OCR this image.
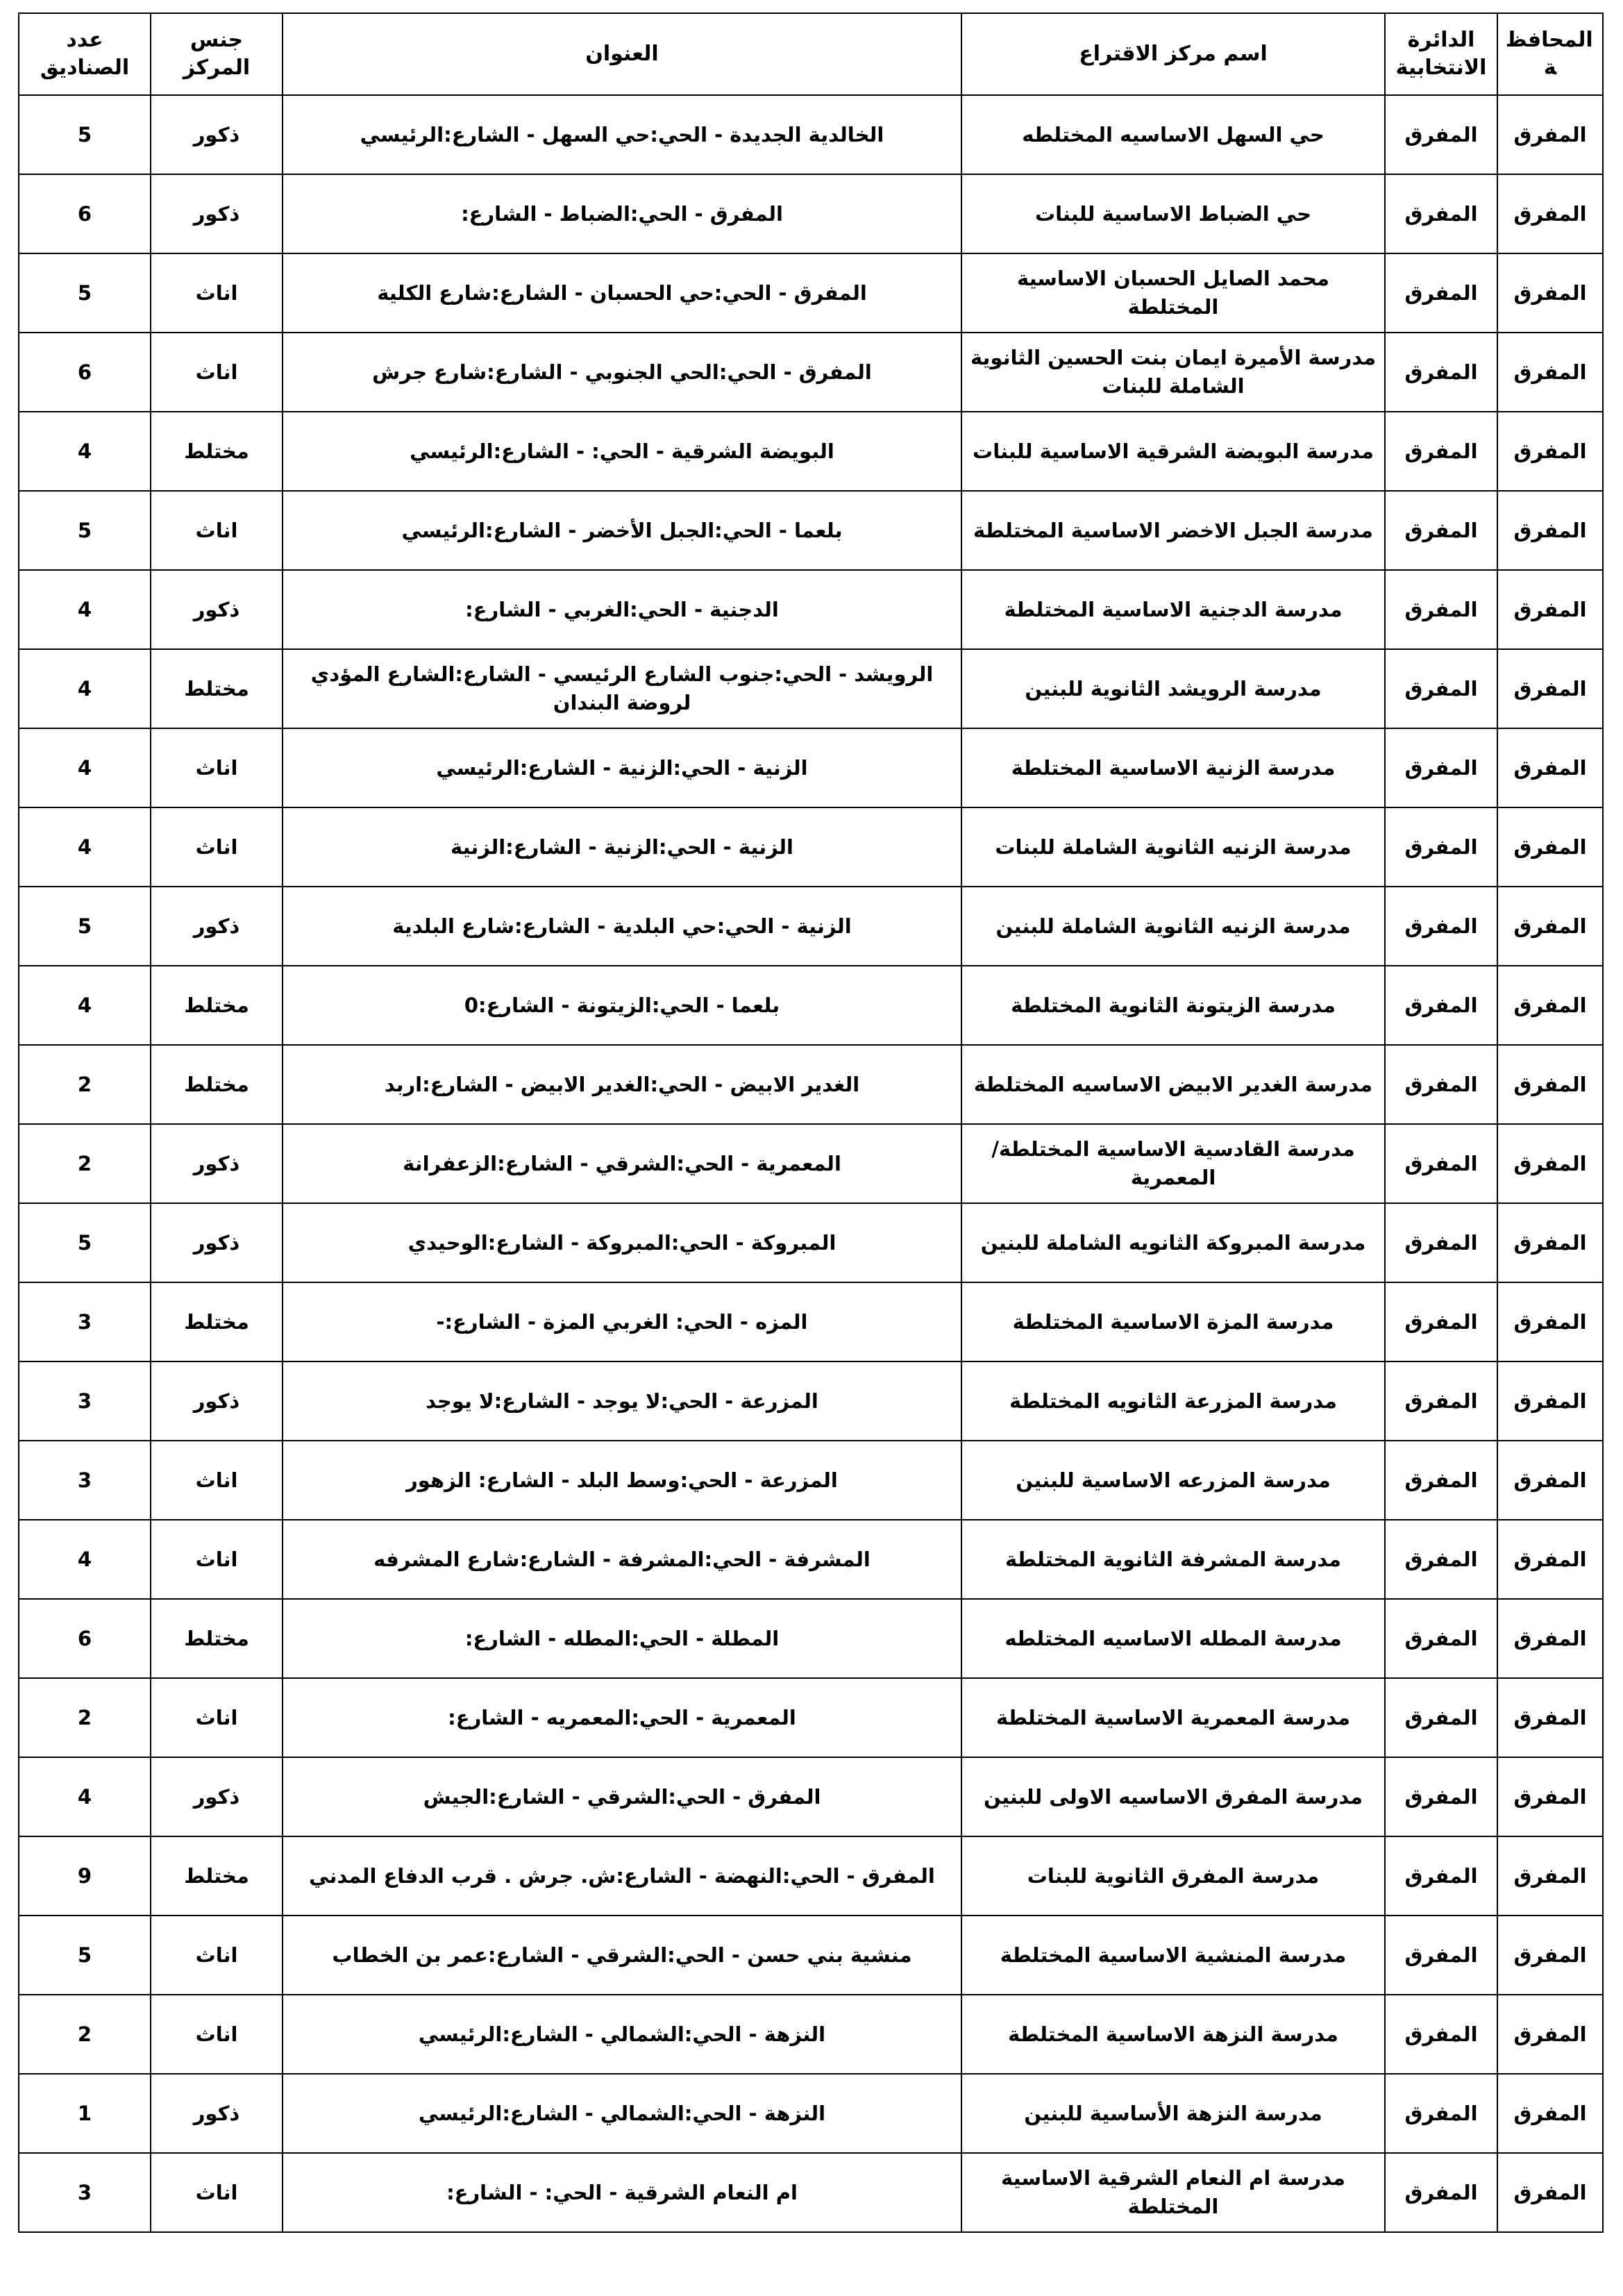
المحافظة	الدائرة الانتخابية	اسم مركز الاقتراع	العنوان	جنس المركز	عدد الصناديق
المفرق	المفرق	حي السهل الاساسيه المختلطه	الخالدية الجديدة - الحي:حي السهل - الشارع:الرئيسي	ذكور	5
المفرق	المفرق	حي الضباط الاساسية للبنات	المفرق - الحي:الضباط - الشارع:	ذكور	6
المفرق	المفرق	محمد الصايل الحسبان الاساسية المختلطة	المفرق - الحي:حي الحسبان - الشارع:شارع الكلية	اناث	5
المفرق	المفرق	مدرسة الأميرة ايمان بنت الحسين الثانوية الشاملة للبنات	المفرق - الحي:الحي الجنوبي - الشارع:شارع جرش	اناث	6
المفرق	المفرق	مدرسة البويضة الشرقية الاساسية للبنات	البويضة الشرقية - الحي: - الشارع:الرئيسي	مختلط	4
المفرق	المفرق	مدرسة الجبل الاخضر الاساسية المختلطة	بلعما - الحي:الجبل الأخضر - الشارع:الرئيسي	اناث	5
المفرق	المفرق	مدرسة الدجنية الاساسية المختلطة	الدجنية - الحي:الغربي - الشارع:	ذكور	4
المفرق	المفرق	مدرسة الرويشد الثانوية للبنين	الرويشد - الحي:جنوب الشارع الرئيسي - الشارع:الشارع المؤدي لروضة البندان	مختلط	4
المفرق	المفرق	مدرسة الزنية الاساسية المختلطة	الزنية - الحي:الزنية - الشارع:الرئيسي	اناث	4
المفرق	المفرق	مدرسة الزنيه الثانوية الشاملة للبنات	الزنية - الحي:الزنية - الشارع:الزنية	اناث	4
المفرق	المفرق	مدرسة الزنيه الثانوية الشاملة للبنين	الزنية - الحي:حي البلدية - الشارع:شارع البلدية	ذكور	5
المفرق	المفرق	مدرسة الزيتونة الثانوية المختلطة	بلعما - الحي:الزيتونة - الشارع:0	مختلط	4
المفرق	المفرق	مدرسة الغدير الابيض الاساسيه المختلطة	الغدير الابيض - الحي:الغدير الابيض - الشارع:اربد	مختلط	2
المفرق	المفرق	مدرسة القادسية الاساسية المختلطة/المعمرية	المعمرية - الحي:الشرقي - الشارع:الزعفرانة	ذكور	2
المفرق	المفرق	مدرسة المبروكة الثانويه الشاملة للبنين	المبروكة - الحي:المبروكة - الشارع:الوحيدي	ذكور	5
المفرق	المفرق	مدرسة المزة الاساسية المختلطة	المزه - الحي: الغربي المزة - الشارع:-	مختلط	3
المفرق	المفرق	مدرسة المزرعة الثانويه المختلطة	المزرعة - الحي:لا يوجد - الشارع:لا يوجد	ذكور	3
المفرق	المفرق	مدرسة المزرعه الاساسية للبنين	المزرعة - الحي:وسط البلد - الشارع: الزهور	اناث	3
المفرق	المفرق	مدرسة المشرفة الثانوية المختلطة	المشرفة - الحي:المشرفة - الشارع:شارع المشرفه	اناث	4
المفرق	المفرق	مدرسة المطله الاساسيه المختلطه	المطلة - الحي:المطله - الشارع:	مختلط	6
المفرق	المفرق	مدرسة المعمرية الاساسية المختلطة	المعمرية - الحي:المعمريه - الشارع:	اناث	2
المفرق	المفرق	مدرسة المفرق الاساسيه الاولى للبنين	المفرق - الحي:الشرقي - الشارع:الجيش	ذكور	4
المفرق	المفرق	مدرسة المفرق الثانوية للبنات	المفرق - الحي:النهضة - الشارع:ش. جرش . قرب الدفاع المدني	مختلط	9
المفرق	المفرق	مدرسة المنشية الاساسية المختلطة	منشية بني حسن - الحي:الشرقي - الشارع:عمر بن الخطاب	اناث	5
المفرق	المفرق	مدرسة النزهة الاساسية المختلطة	النزهة - الحي:الشمالي - الشارع:الرئيسي	اناث	2
المفرق	المفرق	مدرسة النزهة الأساسية للبنين	النزهة - الحي:الشمالي - الشارع:الرئيسي	ذكور	1
المفرق	المفرق	مدرسة ام النعام الشرقية الاساسية المختلطة	ام النعام الشرقية - الحي: - الشارع:	اناث	3
